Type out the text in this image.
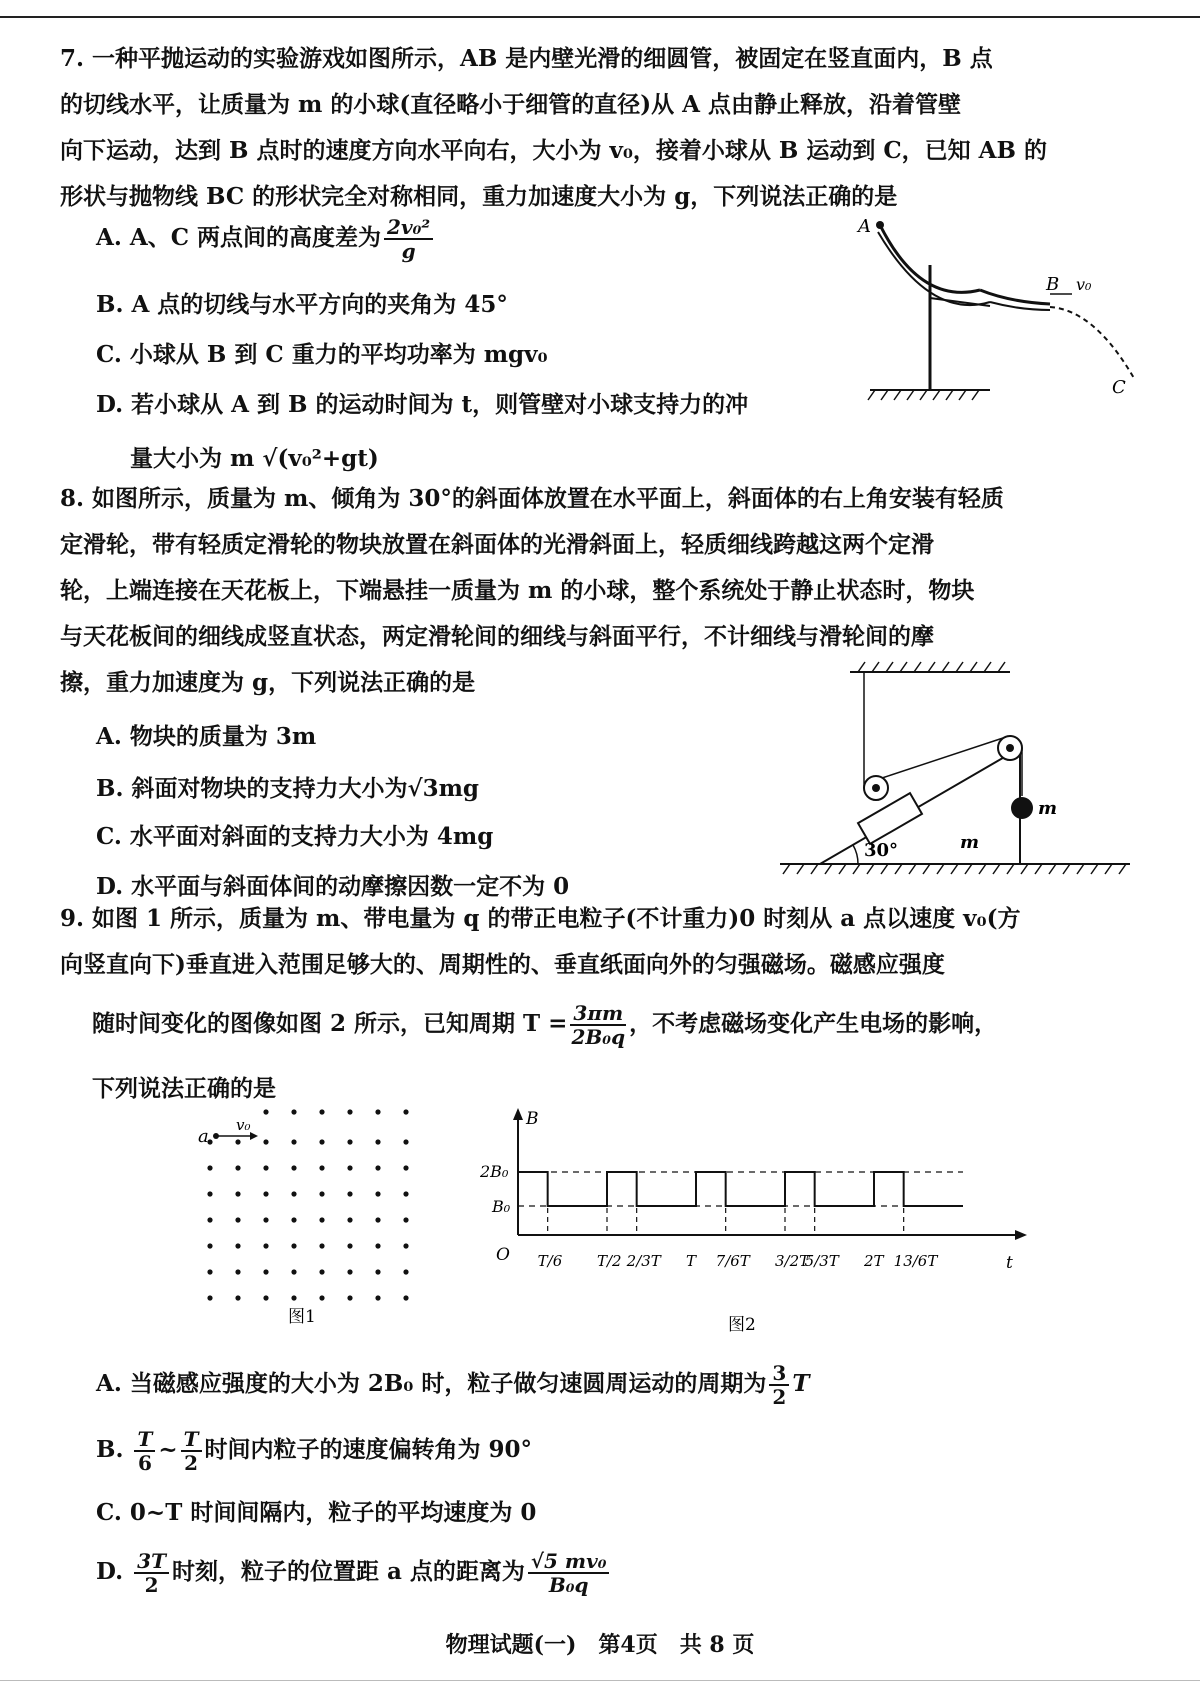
7. 一种平抛运动的实验游戏如图所示，AB 是内壁光滑的细圆管，被固定在竖直面内，B 点

的切线水平，让质量为 m 的小球(直径略小于细管的直径)从 A 点由静止释放，沿着管壁

向下运动，达到 B 点时的速度方向水平向右，大小为 v₀，接着小球从 B 运动到 C，已知 AB 的

形状与抛物线 BC 的形状完全对称相同，重力加速度大小为 g，下列说法正确的是

A. A、C 两点间的高度差为 $\frac{\text{2v₀²}}{g}$
B. A 点的切线与水平方向的夹角为 45°
C. 小球从 B 到 C 重力的平均功率为 mgv₀
D. 若小球从 A 到 B 的运动时间为 t，则管壁对小球支持力的冲
量大小为 m √(v₀²+gt)
A
B v₀
C

8. 如图所示，质量为 m、倾角为 30°的斜面体放置在水平面上，斜面体的右上角安装有轻质

定滑轮，带有轻质定滑轮的物块放置在斜面体的光滑斜面上，轻质细线跨越这两个定滑

轮，上端连接在天花板上，下端悬挂一质量为 m 的小球，整个系统处于静止状态时，物块

与天花板间的细线成竖直状态，两定滑轮间的细线与斜面平行，不计细线与滑轮间的摩

擦，重力加速度为 g，下列说法正确的是

A. 物块的质量为 3m
B. 斜面对物块的支持力大小为√3mg
C. 水平面对斜面的支持力大小为 4mg
D. 水平面与斜面体间的动摩擦因数一定不为 0
30°	m
m

9. 如图 1 所示，质量为 m、带电量为 q 的带正电粒子(不计重力)0 时刻从 a 点以速度 v₀(方

向竖直向下)垂直进入范围足够大的、周期性的、垂直纸面向外的匀强磁场。磁感应强度

随时间变化的图像如图 2 所示，已知周期 $T = \frac{3\pi m}{\text{2B₀q}}$ ，不考虑磁场变化产生电场的影响，
下列说法正确的是
a
v₀
图1
T/6 T/2 2/3T T 7/6T 3/2T
5/3T 2T 13/6T
B
t
O
2B₀
B₀
图2
A. 当磁感应强度的大小为 2B₀ 时，粒子做匀速圆周运动的周期为 $\frac{3}{2}$ T
B. $\frac{T}{6}$ ~ $\frac{T}{2}$ 时间内粒子的速度偏转角为 90°
C. 0~T 时间间隔内，粒子的平均速度为 0
D. $\frac{3T}{2}$ 时刻，粒子的位置距 a 点的距离为 $\frac{\text{√5 mv₀}}{\text{B₀q}}$
物理试题(一)　第4页　共 8 页
